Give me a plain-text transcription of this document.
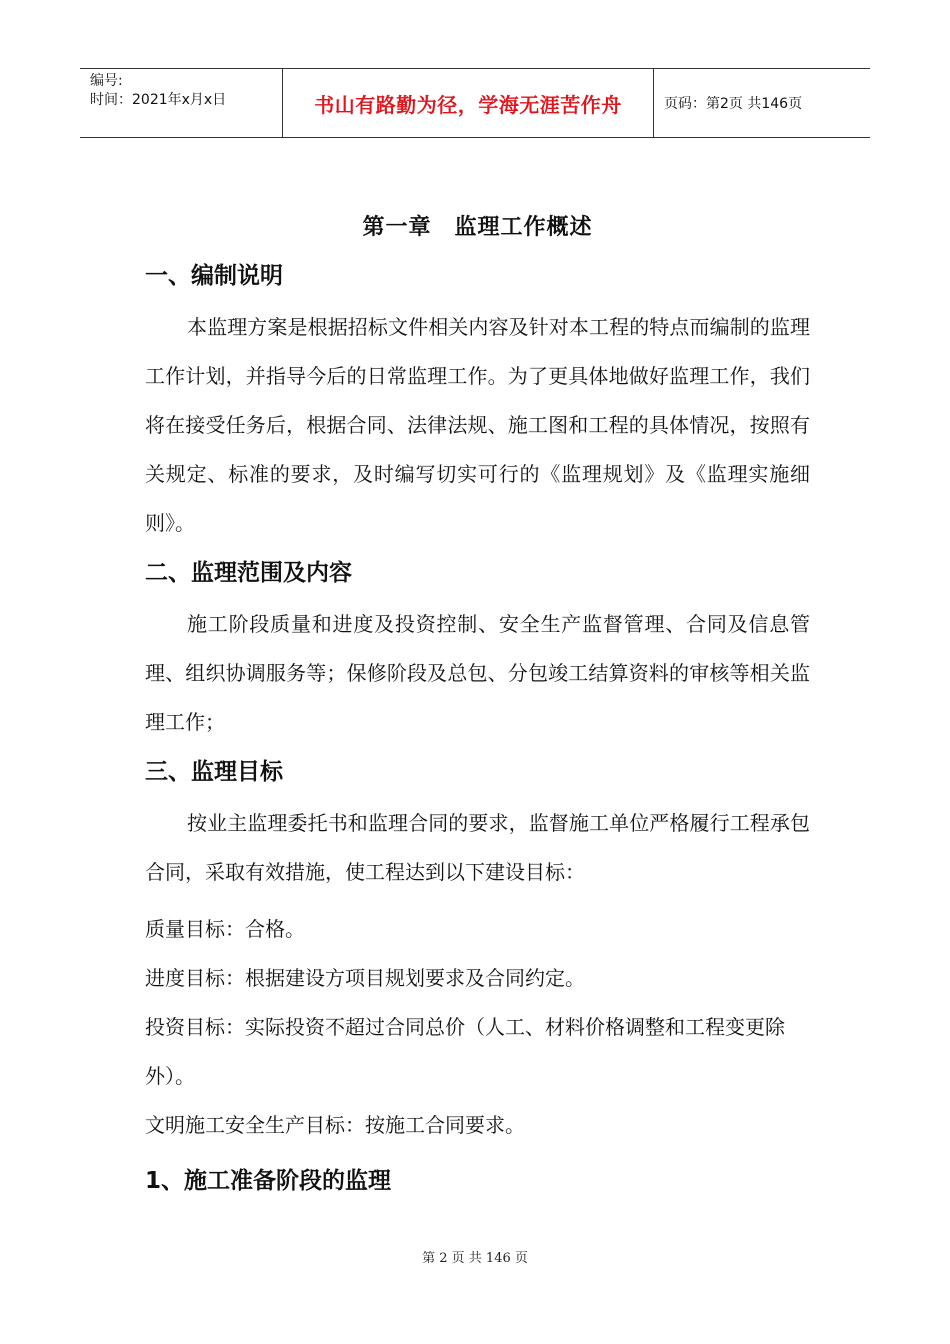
编号:
时间：2021年x月x日	书山有路勤为径，学海无涯苦作舟	页码：第2页 共146页
第一章　监理工作概述
一、编制说明

本监理方案是根据招标文件相关内容及针对本工程的特点而编制的监理工作计划，并指导今后的日常监理工作。为了更具体地做好监理工作，我们将在接受任务后，根据合同、法律法规、施工图和工程的具体情况，按照有关规定、标准的要求，及时编写切实可行的《监理规划》及《监理实施细则》。

二、监理范围及内容

施工阶段质量和进度及投资控制、安全生产监督管理、合同及信息管理、组织协调服务等；保修阶段及总包、分包竣工结算资料的审核等相关监理工作；

三、监理目标

按业主监理委托书和监理合同的要求，监督施工单位严格履行工程承包合同，采取有效措施，使工程达到以下建设目标：

质量目标：合格。

进度目标：根据建设方项目规划要求及合同约定。

投资目标：实际投资不超过合同总价（人工、材料价格调整和工程变更除外）。

文明施工安全生产目标：按施工合同要求。

1、施工准备阶段的监理
第 2 页 共 146 页
